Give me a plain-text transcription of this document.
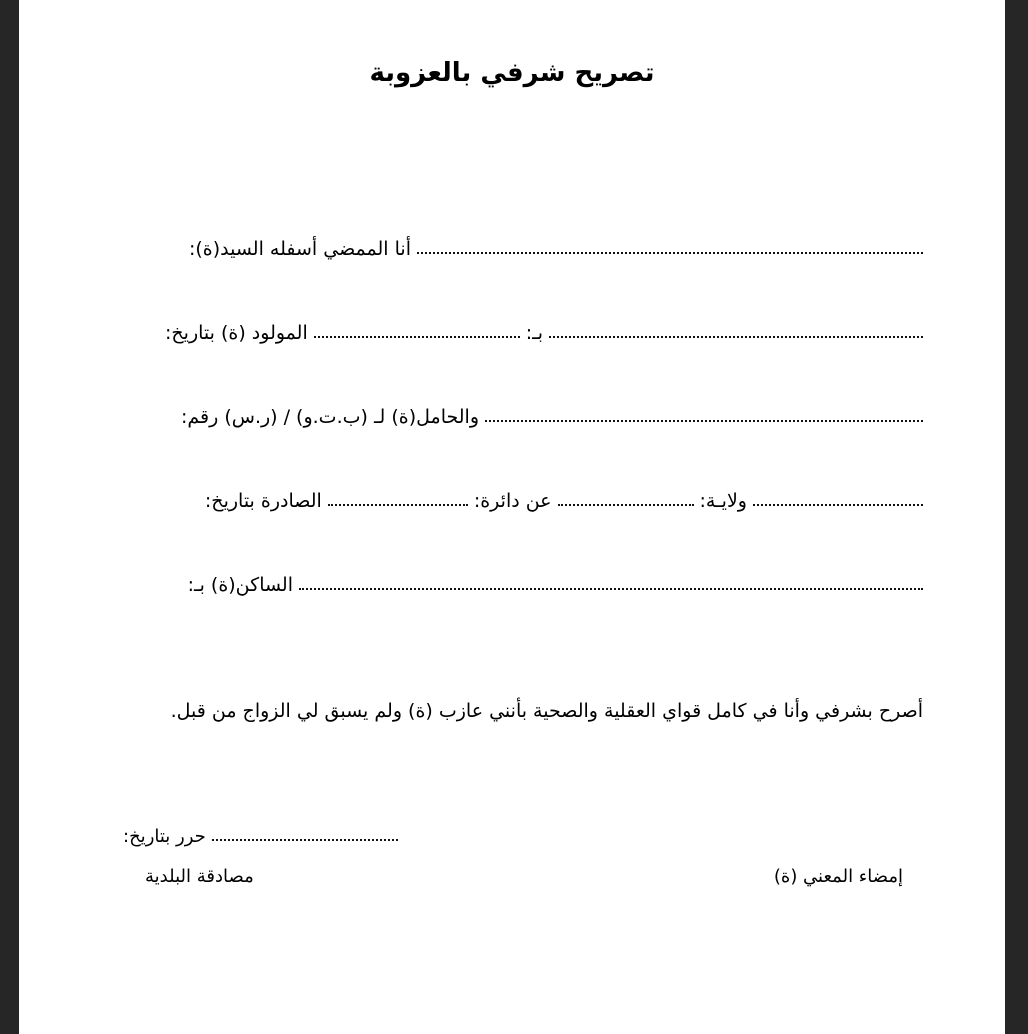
تصريح شرفي بالعزوبة
أنا الممضي أسفله السيد(ة):
المولود (ة) بتاريخ:	بـ:
والحامل(ة) لـ (ب.ت.و) / (ر.س) رقم:
الصادرة بتاريخ:	عن دائرة:	ولايـة:
الساكن(ة) بـ:
أصرح بشرفي وأنا في كامل قواي العقلية والصحية بأنني عازب (ة) ولم يسبق لي الزواج من قبل.
حرر بتاريخ:
إمضاء المعني (ة)
مصادقة البلدية
